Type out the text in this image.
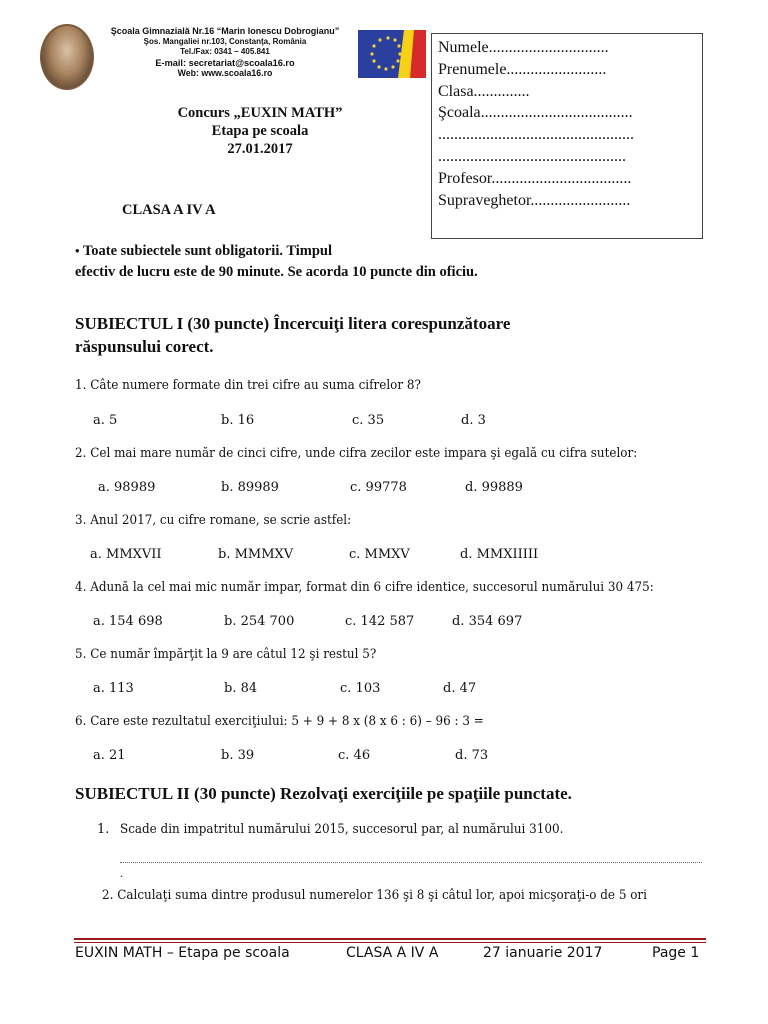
Şcoala Gimnazială Nr.16 “Marin Ionescu Dobrogianu”
Şos. Mangaliei nr.103, Constanţa, România
Tel./Fax: 0341 – 405.841
E-mail: secretariat@scoala16.ro
Web: www.scoala16.ro
Numele..............................
Prenumele.........................
Clasa..............
Şcoala......................................
.................................................
...............................................
Profesor...................................
Supraveghetor.........................
Concurs „EUXIN MATH”
Etapa pe scoala
27.01.2017
CLASA A IV A
• Toate subiectele sunt obligatorii. Timpul
efectiv de lucru este de 90 minute. Se acorda 10 puncte din oficiu.
SUBIECTUL I (30 puncte) Încercuiţi litera corespunzătoare
răspunsului corect.
1. Câte numere formate din trei cifre au suma cifrelor 8?
a. 5	b. 16	c. 35	d. 3
2. Cel mai mare număr de cinci cifre, unde cifra zecilor este impara şi egală cu cifra sutelor:
a. 98989	b. 89989	c. 99778	d. 99889
3. Anul 2017, cu cifre romane, se scrie astfel:
a. MMXVII	b. MMMXV	c. MMXV	d. MMXIIIII
4. Adună la cel mai mic număr impar, format din 6 cifre identice, succesorul numărului 30 475:
a. 154 698	b. 254 700	c. 142 587	d. 354 697
5. Ce număr împărţit la 9 are câtul 12 şi restul 5?
a. 113	b. 84	c. 103	d. 47
6. Care este rezultatul exerciţiului: 5 + 9 + 8 x (8 x 6 : 6) – 96 : 3 =
a. 21	b. 39	c. 46	d. 73
SUBIECTUL II (30 puncte) Rezolvaţi exerciţiile pe spaţiile punctate.
1. Scade din impatritul numărului 2015, succesorul par, al numărului 3100.
.
2. Calculaţi suma dintre produsul numerelor 136 şi 8 şi câtul lor, apoi micşoraţi-o de 5 ori
EUXIN MATH – Etapa pe scoala	CLASA A IV A	27 ianuarie 2017	Page 1
